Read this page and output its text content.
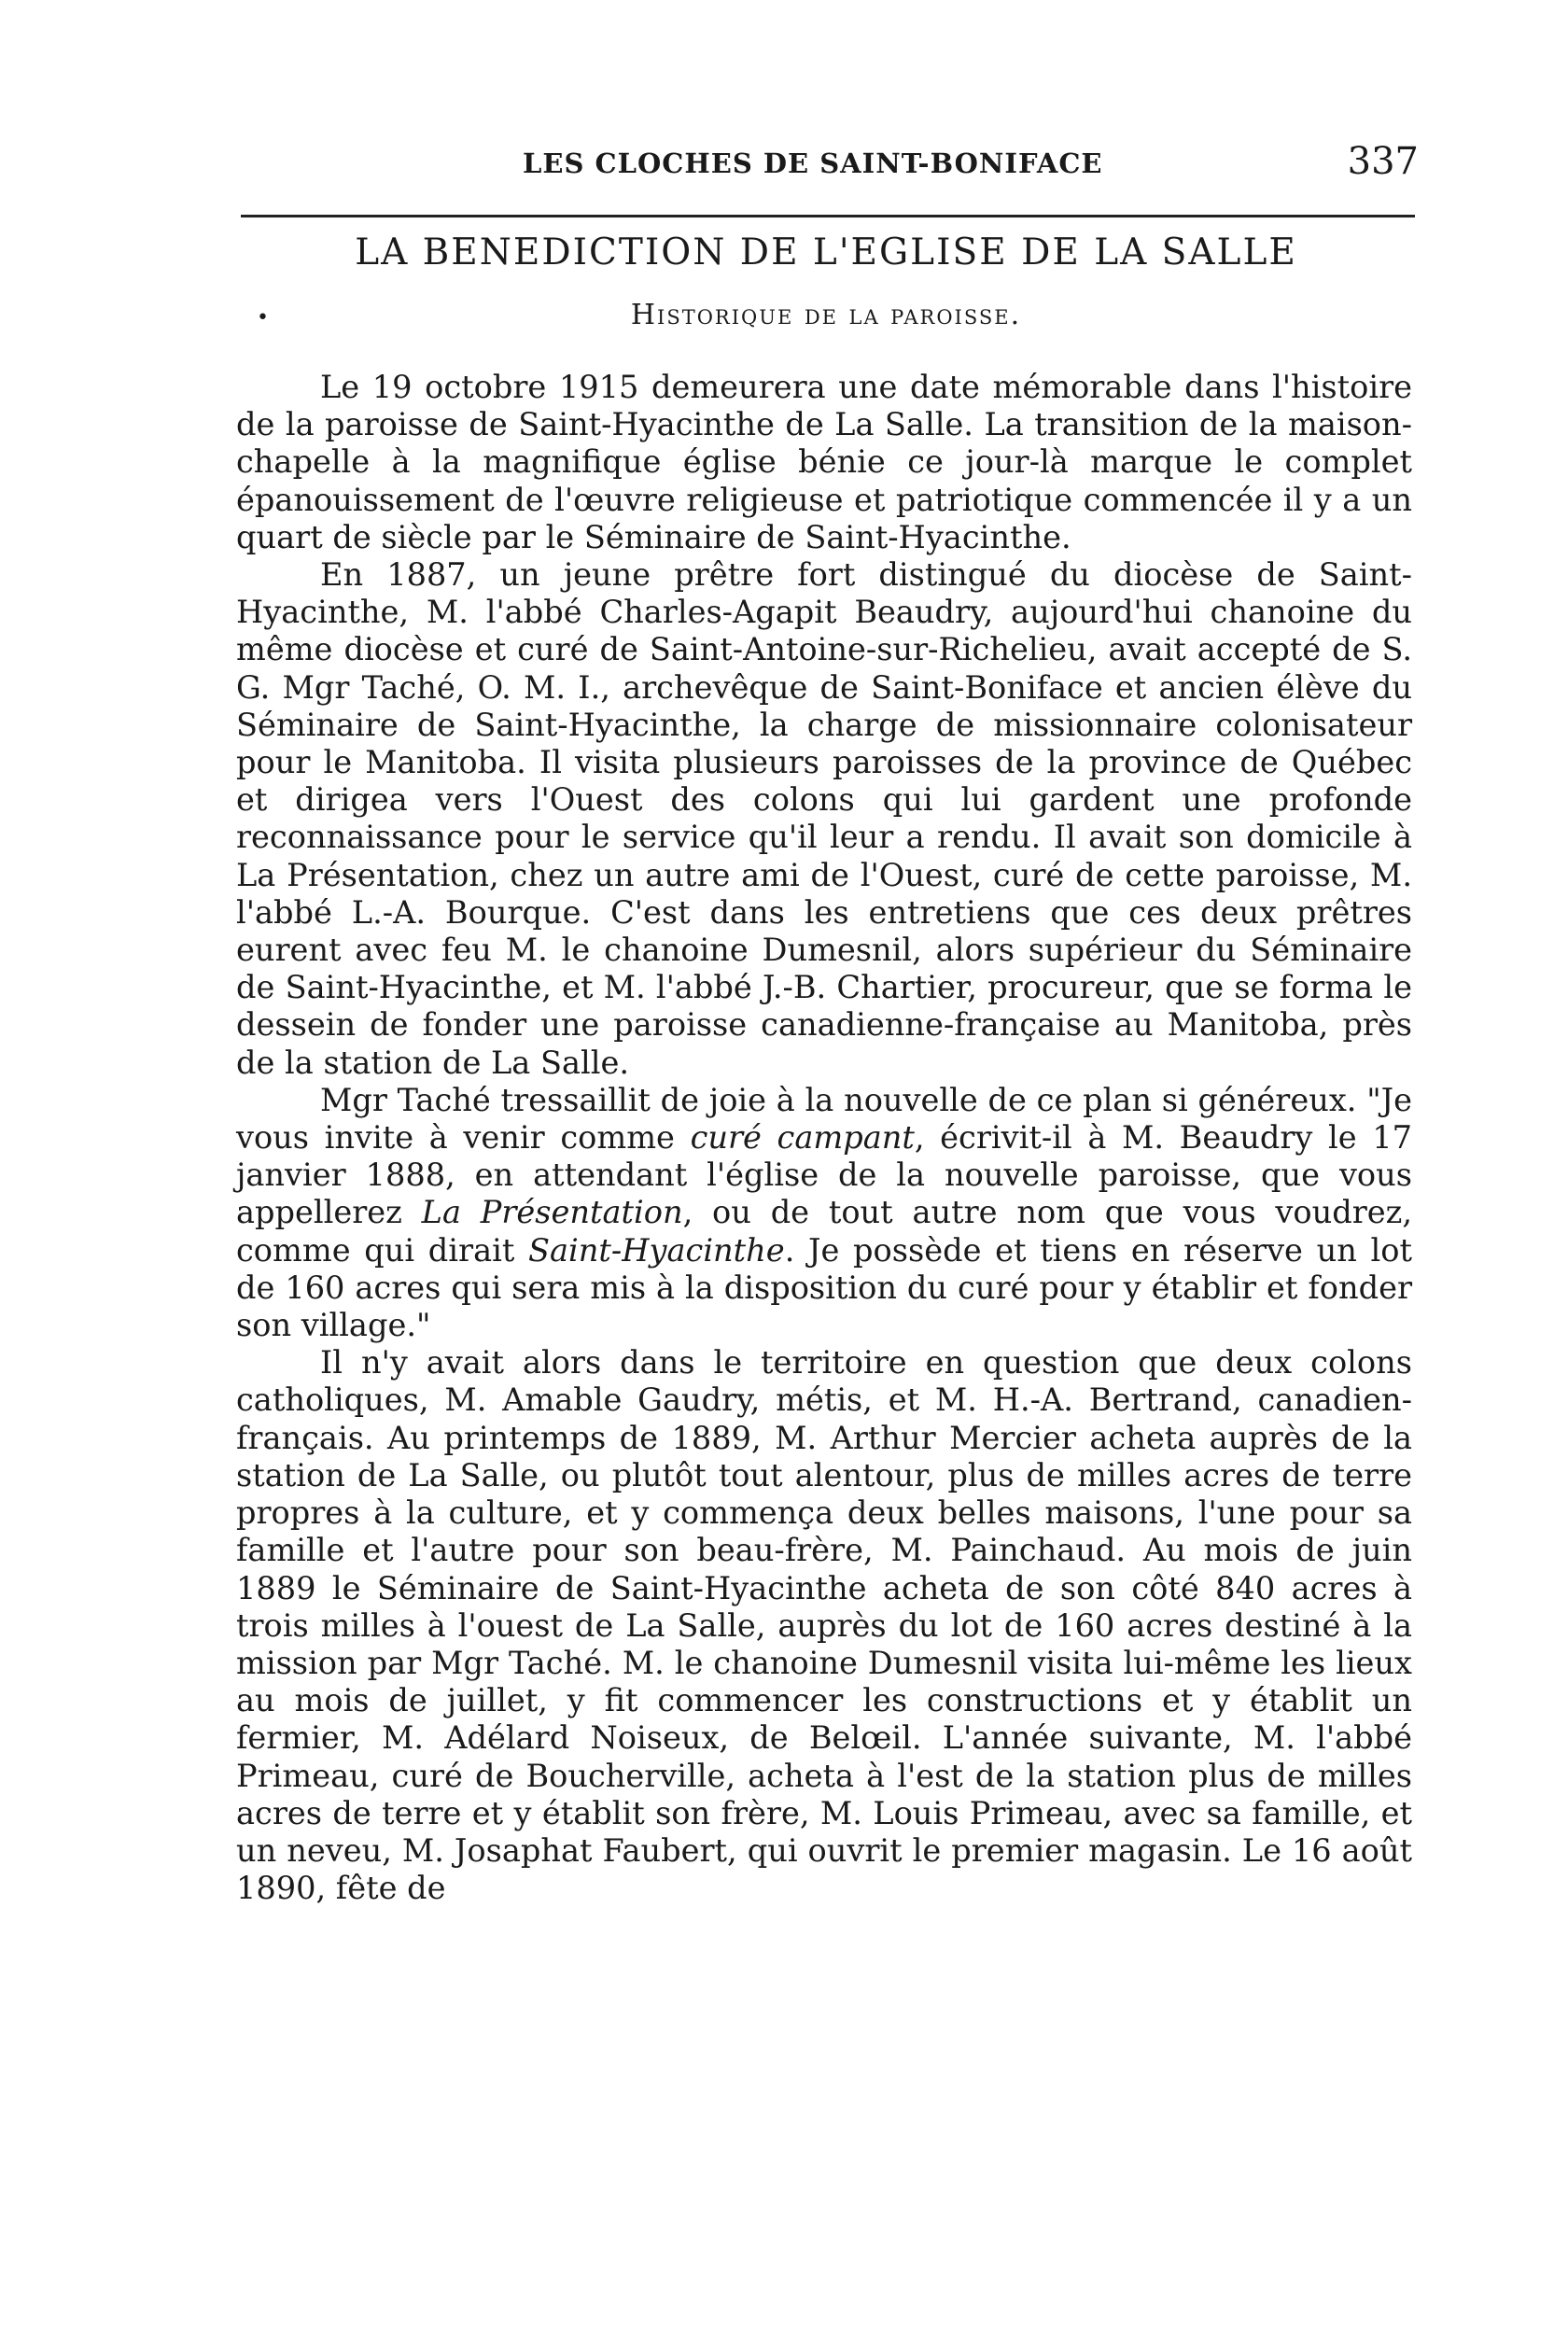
LES CLOCHES DE SAINT-BONIFACE	337
LA BENEDICTION DE L'EGLISE DE LA SALLE
•	Historique de la paroisse.

Le 19 octobre 1915 demeurera une date mémorable dans l'histoire de la paroisse de Saint-Hyacinthe de La Salle. La transition de la maison-chapelle à la magnifique église bénie ce jour-là marque le complet épanouissement de l'œuvre religieuse et patriotique commencée il y a un quart de siècle par le Séminaire de Saint-Hyacinthe.

En 1887, un jeune prêtre fort distingué du diocèse de Saint-Hyacinthe, M. l'abbé Charles-Agapit Beaudry, aujourd'hui chanoine du même diocèse et curé de Saint-Antoine-sur-Richelieu, avait accepté de S. G. Mgr Taché, O. M. I., archevêque de Saint-Boniface et ancien élève du Séminaire de Saint-Hyacinthe, la charge de missionnaire colonisateur pour le Manitoba. Il visita plusieurs paroisses de la province de Québec et dirigea vers l'Ouest des colons qui lui gardent une profonde reconnaissance pour le service qu'il leur a rendu. Il avait son domicile à La Présentation, chez un autre ami de l'Ouest, curé de cette paroisse, M. l'abbé L.-A. Bourque. C'est dans les entretiens que ces deux prêtres eurent avec feu M. le chanoine Dumesnil, alors supérieur du Séminaire de Saint-Hyacinthe, et M. l'abbé J.-B. Chartier, procureur, que se forma le dessein de fonder une paroisse canadienne-française au Manitoba, près de la station de La Salle.

Mgr Taché tressaillit de joie à la nouvelle de ce plan si généreux. "Je vous invite à venir comme curé campant, écrivit-il à M. Beaudry le 17 janvier 1888, en attendant l'église de la nouvelle paroisse, que vous appellerez La Présentation, ou de tout autre nom que vous voudrez, comme qui dirait Saint-Hyacinthe. Je possède et tiens en réserve un lot de 160 acres qui sera mis à la disposition du curé pour y établir et fonder son village."

Il n'y avait alors dans le territoire en question que deux colons catholiques, M. Amable Gaudry, métis, et M. H.-A. Bertrand, canadien-français. Au printemps de 1889, M. Arthur Mercier acheta auprès de la station de La Salle, ou plutôt tout alentour, plus de milles acres de terre propres à la culture, et y commença deux belles maisons, l'une pour sa famille et l'autre pour son beau-frère, M. Painchaud. Au mois de juin 1889 le Séminaire de Saint-Hyacinthe acheta de son côté 840 acres à trois milles à l'ouest de La Salle, auprès du lot de 160 acres destiné à la mission par Mgr Taché. M. le chanoine Dumesnil visita lui-même les lieux au mois de juillet, y fit commencer les constructions et y établit un fermier, M. Adélard Noiseux, de Belœil. L'année suivante, M. l'abbé Primeau, curé de Boucherville, acheta à l'est de la station plus de milles acres de terre et y établit son frère, M. Louis Primeau, avec sa famille, et un neveu, M. Josaphat Faubert, qui ouvrit le premier magasin. Le 16 août 1890, fête de
